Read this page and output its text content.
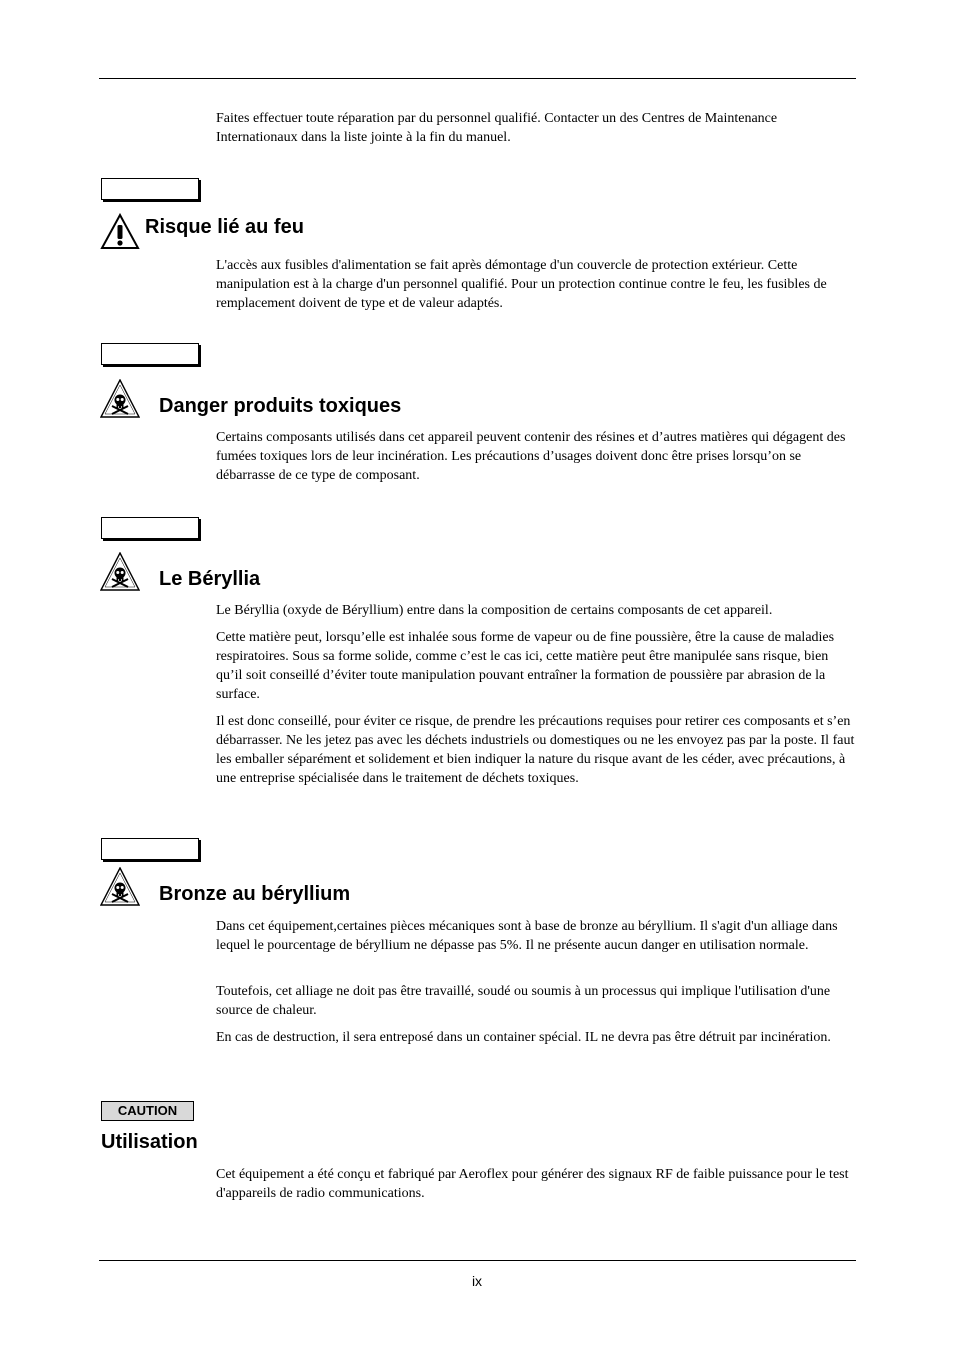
Faites effectuer toute réparation par du personnel qualifié. Contacter un des Centres de Maintenance Internationaux dans la liste jointe à la fin du manuel.

Risque lié au feu

L'accès aux fusibles d'alimentation se fait après démontage d'un couvercle de protection extérieur. Cette manipulation est à la charge d'un personnel qualifié. Pour un protection continue contre le feu, les fusibles de remplacement doivent de type et de valeur adaptés.

Danger produits toxiques

Certains composants utilisés dans cet appareil peuvent contenir des résines et d’autres matières qui dégagent des fumées toxiques lors de leur incinération. Les précautions d’usages doivent donc être prises lorsqu’on se débarrasse de ce type de composant.

Le Béryllia

Le Béryllia (oxyde de Béryllium) entre dans la composition de certains composants de cet appareil.

Cette matière peut, lorsqu’elle est inhalée sous forme de vapeur ou de fine poussière, être la cause de maladies respiratoires. Sous sa forme solide, comme c’est le cas ici, cette matière peut être manipulée sans risque, bien qu’il soit conseillé d’éviter toute manipulation pouvant entraîner la formation de poussière par abrasion de la surface.

Il est donc conseillé, pour éviter ce risque, de prendre les précautions requises pour retirer ces composants et s’en débarrasser. Ne les jetez pas avec les déchets industriels ou domestiques ou ne les envoyez pas par la poste. Il faut les emballer séparément et solidement et bien indiquer la nature du risque avant de les céder, avec précautions, à une entreprise spécialisée dans le traitement de déchets toxiques.

Bronze au béryllium

Dans cet équipement,certaines pièces mécaniques sont à base de bronze au béryllium. Il s'agit d'un alliage dans lequel le pourcentage de béryllium ne dépasse pas 5%. Il ne présente aucun danger en utilisation normale.

Toutefois, cet alliage ne doit pas être travaillé, soudé ou soumis à un processus qui implique l'utilisation d'une source de chaleur.

En cas de destruction, il sera entreposé dans un container spécial. IL ne devra pas être détruit par incinération.

CAUTION
Utilisation

Cet équipement a été conçu et fabriqué par Aeroflex pour générer des signaux RF de faible puissance pour le test d'appareils de radio communications.

ix
